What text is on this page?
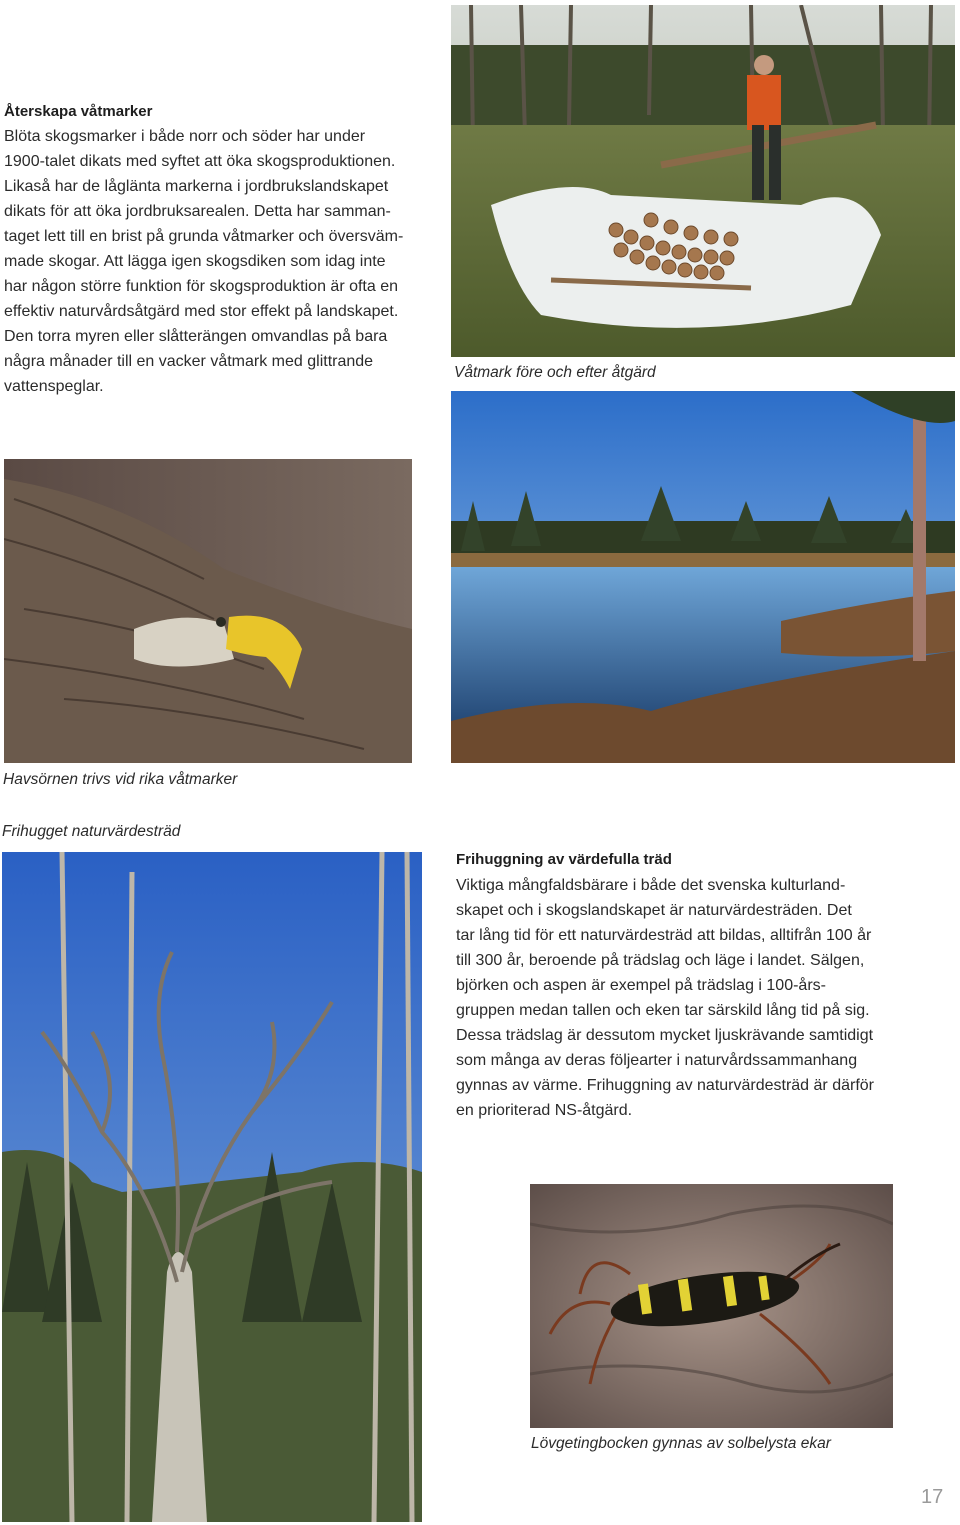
Återskapa våtmarker
Blöta skogsmarker i både norr och söder har under
1900-talet dikats med syftet att öka skogsproduktionen.
Likaså har de låglänta markerna i jordbrukslandskapet
dikats för att öka jordbruksarealen. Detta har samman-
taget lett till en brist på grunda våtmarker och översväm-
made skogar. Att lägga igen skogsdiken som idag inte
har någon större funktion för skogsproduktion är ofta en
effektiv naturvårdsåtgärd med stor effekt på landskapet.
Den torra myren eller slåtterängen omvandlas på bara
några månader till en vacker våtmark med glittrande
vattenspeglar.
Våtmark före och efter åtgärd
Havsörnen trivs vid rika våtmarker
Frihugget naturvärdesträd
Frihuggning av värdefulla träd
Viktiga mångfaldsbärare i både det svenska kulturland-
skapet och i skogslandskapet är naturvärdesträden. Det
tar lång tid för ett naturvärdesträd att bildas, alltifrån 100 år
till 300 år, beroende på trädslag och läge i landet. Sälgen,
björken och aspen är exempel på trädslag i 100-års-
gruppen medan tallen och eken tar särskild lång tid på sig.
Dessa trädslag är dessutom mycket ljuskrävande samtidigt
som många av deras följearter i naturvårdssammanhang
gynnas av värme. Frihuggning av naturvärdesträd är därför
en prioriterad NS-åtgärd.
Lövgetingbocken gynnas av solbelysta ekar
17
